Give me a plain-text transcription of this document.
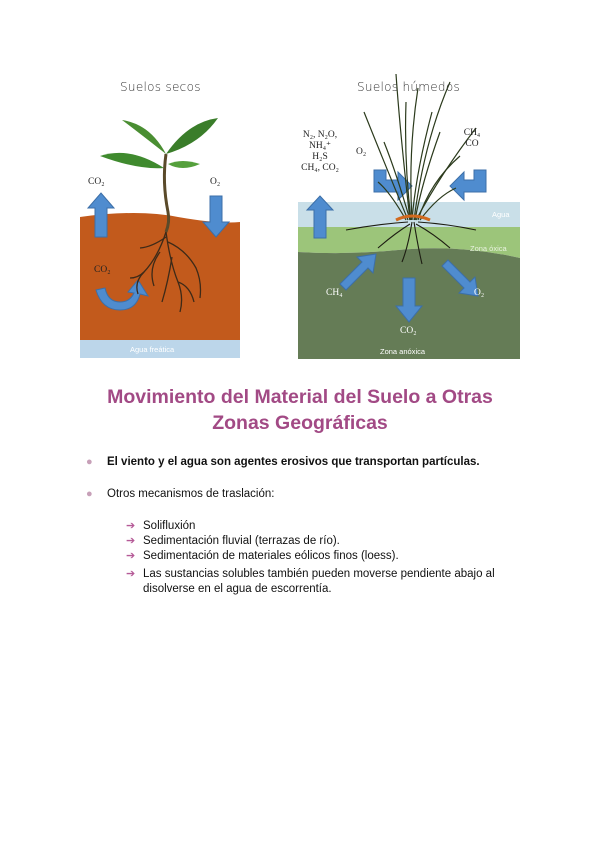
Suelos secos
CO₂	O₂
CO₂
Agua freática
Suelos húmedos
N₂, N₂O,
NH₄⁺
H₂S
CH₄, CO₂
O₂
CH₄
CO
Agua
Zona óxica
Zona anóxica
CH₄	O₂
CO₂
Movimiento del Material del Suelo a Otras
Zonas Geográficas
● El viento y el agua son agentes erosivos que transportan partículas.
● Otros mecanismos de traslación:
➔ Solifluxión
➔ Sedimentación fluvial (terrazas de río).
➔ Sedimentación de materiales eólicos finos (loess).
➔ Las sustancias solubles también pueden moverse pendiente abajo al
disolverse en el agua de escorrentía.
